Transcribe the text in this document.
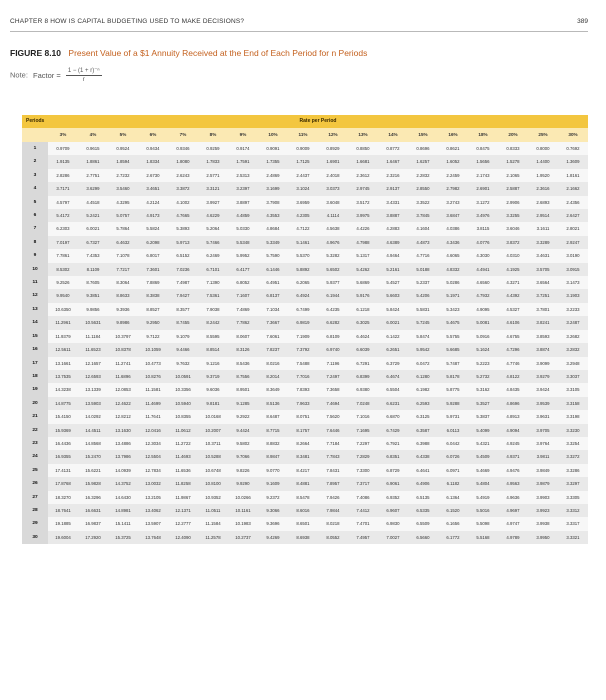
CHAPTER 8 HOW IS CAPITAL BUDGETING USED TO MAKE DECISIONS?	389
FIGURE 8.10 Present Value of a $1 Annuity Received at the End of Each Period for n Periods
Note: Factor = $\frac{\text{1 − (1 + r)⁻ⁿ}}{r}$
Periods	Rate per Period																	
	3%	4%	5%	6%	7%	8%	9%	10%	11%	12%	13%	14%	15%	16%	18%	20%	25%	30%
1	0.9709	0.9615	0.9524	0.9434	0.9346	0.9259	0.9174	0.9091	0.9009	0.8929	0.8850	0.8772	0.8696	0.8621	0.8475	0.8333	0.8000	0.7692
2	1.9135	1.8861	1.8594	1.8334	1.8080	1.7833	1.7591	1.7355	1.7125	1.6901	1.6681	1.6467	1.6257	1.6052	1.5656	1.5278	1.4400	1.3609
3	2.8286	2.7751	2.7232	2.6730	2.6243	2.5771	2.5313	2.4869	2.4437	2.4018	2.3612	2.3216	2.2832	2.2459	2.1743	2.1065	1.9520	1.8161
4	3.7171	3.6299	3.5460	3.4651	3.3872	3.3121	3.2397	3.1699	3.1024	3.0373	2.9745	2.9137	2.8550	2.7982	2.6901	2.5887	2.3616	2.1662
5	4.5797	4.4518	4.3295	4.2124	4.1002	3.9927	3.8897	3.7908	3.6959	3.6048	3.5172	3.4331	3.3522	3.2743	3.1272	2.9906	2.6893	2.4356
6	5.4172	5.2421	5.0757	4.9173	4.7665	4.6229	4.4859	4.3553	4.2305	4.1114	3.9975	3.8887	3.7845	3.6847	3.4976	3.3255	2.9514	2.6427
7	6.2303	6.0021	5.7864	5.5824	5.3893	5.2064	5.0330	4.8684	4.7122	4.5638	4.4226	4.2883	4.1604	4.0386	3.8115	3.6046	3.1611	2.8021
8	7.0197	6.7327	6.4632	6.2098	5.9713	5.7466	5.5348	5.3349	5.1461	4.9676	4.7988	4.6389	4.4873	4.3436	4.0776	3.8372	3.3289	2.9247
9	7.7861	7.4353	7.1078	6.8017	6.5152	6.2469	5.9952	5.7590	5.5370	5.3282	5.1317	4.9464	4.7716	4.6065	4.3030	4.0310	3.4631	3.0190
10	8.5302	8.1109	7.7217	7.3601	7.0236	6.7101	6.4177	6.1446	5.8892	5.6502	5.4262	5.2161	5.0188	4.8332	4.4941	4.1925	3.5705	3.0915
11	9.2526	8.7605	8.3064	7.8869	7.4987	7.1390	6.8052	6.4951	6.2065	5.9377	5.6869	5.4527	5.2337	5.0286	4.6560	4.3271	3.6564	3.1473
12	9.9540	9.3851	8.8633	8.3838	7.9427	7.5361	7.1607	6.8137	6.4924	6.1944	5.9176	5.6603	5.4206	5.1971	4.7932	4.4392	3.7251	3.1903
13	10.6350	9.9856	9.3936	8.8527	8.3577	7.9038	7.4869	7.1034	6.7499	6.4235	6.1218	5.8424	5.5831	5.3423	4.9095	4.5327	3.7801	3.2233
14	11.2961	10.5631	9.8986	9.2950	8.7455	8.2442	7.7862	7.3667	6.9819	6.6282	6.3025	6.0021	5.7245	5.4675	5.0081	4.6106	3.8241	3.2487
15	11.9379	11.1184	10.3797	9.7122	9.1079	8.5595	8.0607	7.6061	7.1909	6.8109	6.4624	6.1422	5.8474	5.5755	5.0916	4.6755	3.8593	3.2682
16	12.5611	11.6523	10.8378	10.1059	9.4466	8.8514	8.3126	7.8237	7.3792	6.9740	6.6039	6.2651	5.9542	5.6685	5.1624	4.7296	3.8874	3.2832
17	13.1661	12.1657	11.2741	10.4773	9.7632	9.1216	8.5436	8.0216	7.5488	7.1196	6.7291	6.3729	6.0472	5.7487	5.2223	4.7746	3.9099	3.2948
18	13.7535	12.6593	11.6896	10.8276	10.0591	9.3719	8.7556	8.2014	7.7016	7.2497	6.8399	6.4674	6.1280	5.8178	5.2732	4.8122	3.9279	3.3037
19	14.3238	13.1339	12.0853	11.1581	10.3356	9.6036	8.9501	8.3649	7.8393	7.3658	6.9380	6.5504	6.1982	5.8775	5.3162	4.8435	3.9424	3.3105
20	14.8775	13.5903	12.4622	11.4699	10.5940	9.8181	9.1285	8.5136	7.9633	7.4694	7.0248	6.6231	6.2593	5.9288	5.3527	4.8696	3.9539	3.3158
21	15.4150	14.0292	12.8212	11.7641	10.8355	10.0168	9.2922	8.6487	8.0751	7.5620	7.1016	6.6870	6.3125	5.9731	5.3837	4.8913	3.9631	3.3198
22	15.9369	14.4511	13.1630	12.0416	11.0612	10.2007	9.4424	8.7715	8.1757	7.6446	7.1695	6.7429	6.3587	6.0113	5.4099	4.9094	3.9705	3.3230
23	16.4436	14.8568	13.4886	12.3034	11.2722	10.3711	9.5802	8.8832	8.2664	7.7184	7.2297	6.7921	6.3988	6.0442	5.4321	4.9245	3.9764	3.3254
24	16.9355	15.2470	13.7986	12.5504	11.4693	10.5288	9.7066	8.9847	8.3481	7.7843	7.2829	6.8351	6.4338	6.0726	5.4509	4.9371	3.9811	3.3272
25	17.4131	15.6221	14.0939	12.7834	11.6536	10.6748	9.8226	9.0770	8.4217	7.8431	7.3300	6.8729	6.4641	6.0971	5.4669	4.9476	3.9849	3.3286
26	17.8768	15.9828	14.3752	13.0032	11.8258	10.8100	9.9290	9.1609	8.4881	7.8957	7.3717	6.9061	6.4906	6.1182	5.4804	4.9563	3.9879	3.3297
27	18.3270	16.3296	14.6430	13.2105	11.9867	10.9352	10.0266	9.2372	8.5478	7.9426	7.4086	6.9352	6.5135	6.1364	5.4919	4.9636	3.9903	3.3305
28	18.7641	16.6631	14.8981	13.4062	12.1371	11.0511	10.1161	9.3066	8.6016	7.9844	7.4412	6.9607	6.5335	6.1520	5.5016	4.9697	3.9923	3.3312
29	19.1885	16.9837	15.1411	13.5907	12.2777	11.1584	10.1983	9.3696	8.6501	8.0218	7.4701	6.9830	6.5509	6.1656	5.5098	4.9747	3.9938	3.3317
30	19.6004	17.2920	15.3725	13.7648	12.4090	11.2578	10.2737	9.4269	8.6938	8.0552	7.4957	7.0027	6.5660	6.1772	5.5168	4.9789	3.9950	3.3321
